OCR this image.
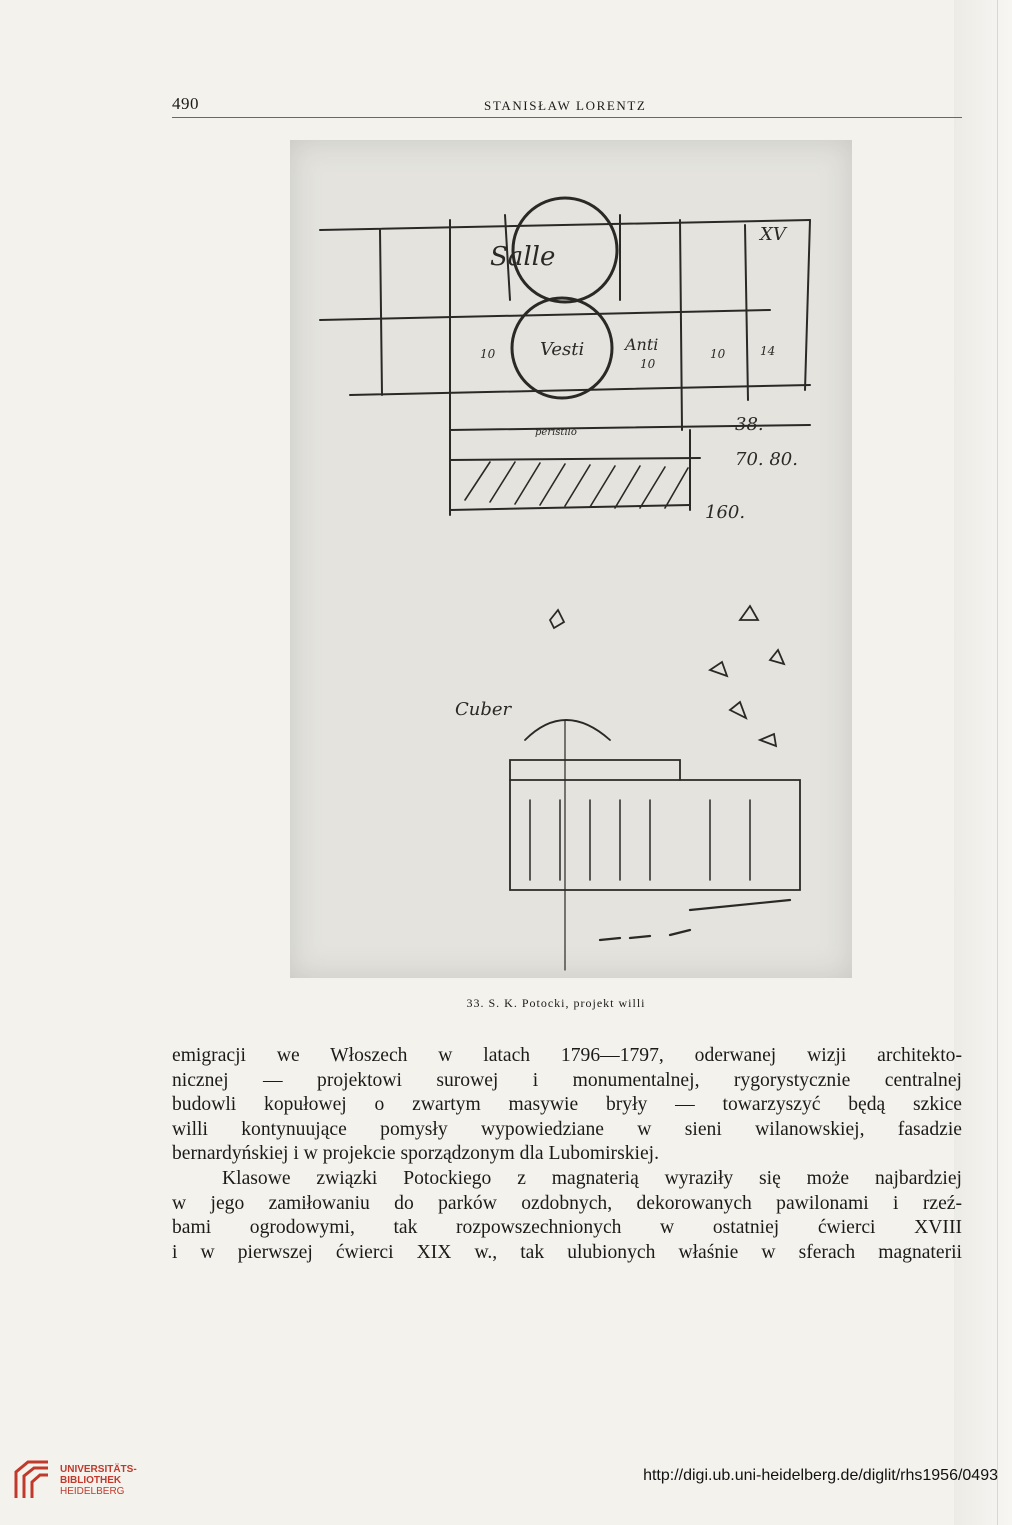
490	STANISŁAW LORENTZ
Salle
Vesti	Anti
10
10
10	14
XV
peristilo	38.
70. 80.
160.
Cuber
33. S. K. Potocki, projekt willi

emigracji we Włoszech w latach 1796—1797, oderwanej wizji architekto-
nicznej — projektowi surowej i monumentalnej, rygorystycznie centralnej
budowli kopułowej o zwartym masywie bryły — towarzyszyć będą szkice
willi kontynuujące pomysły wypowiedziane w sieni wilanowskiej, fasadzie
bernardyńskiej i w projekcie sporządzonym dla Lubomirskiej.

Klasowe związki Potockiego z magnaterią wyraziły się może najbardziej
w jego zamiłowaniu do parków ozdobnych, dekorowanych pawilonami i rzeź-
bami ogrodowymi, tak rozpowszechnionych w ostatniej ćwierci XVIII
i w pierwszej ćwierci XIX w., tak ulubionych właśnie w sferach magnaterii

UNIVERSITÄTS-
BIBLIOTHEK
HEIDELBERG
http://digi.ub.uni-heidelberg.de/diglit/rhs1956/0493
